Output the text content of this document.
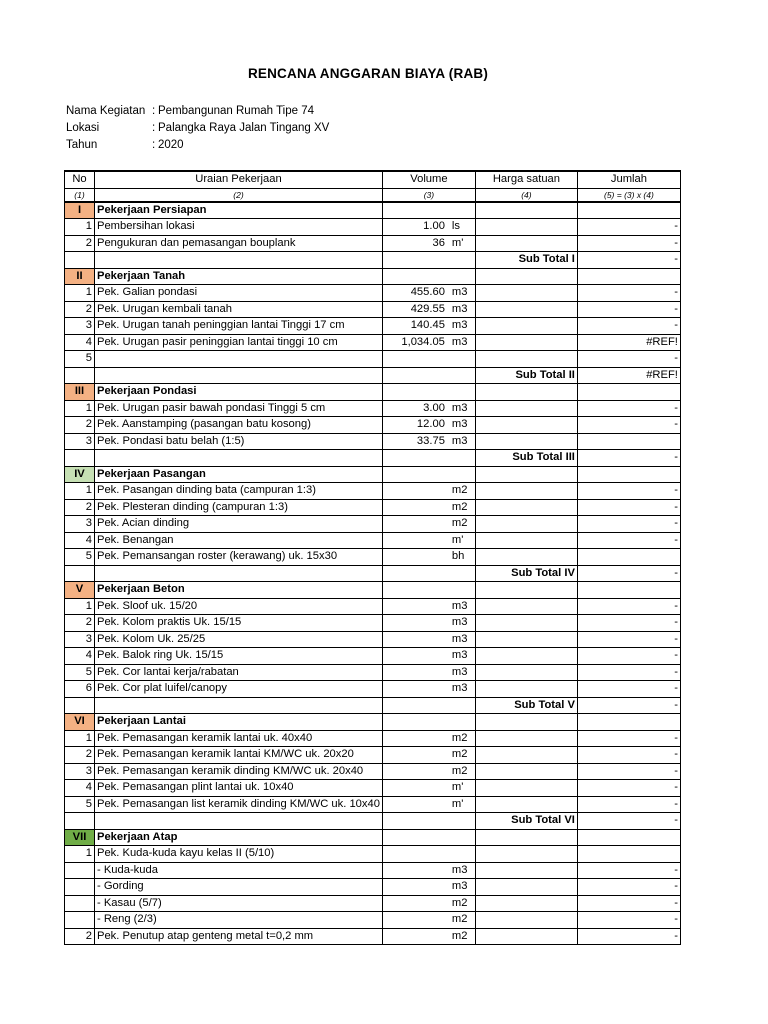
RENCANA ANGGARAN BIAYA (RAB)
Nama Kegiatan : Pembangunan Rumah Tipe 74
Lokasi	: Palangka Raya Jalan Tingang XV
Tahun	: 2020
No	Uraian Pekerjaan	Volume	Harga satuan	Jumlah
(1)	(2)	(3)	(4)	(5) = (3) x (4)
I	Pekerjaan Persiapan			
1	Pembersihan lokasi	1.00 ls		-
2	Pengukuran dan pemasangan bouplank	36 m'		-
			Sub Total I	-
II	Pekerjaan Tanah			
1	Pek. Galian pondasi	455.60 m3		-
2	Pek. Urugan kembali tanah	429.55 m3		-
3	Pek. Urugan tanah peninggian lantai Tinggi 17 cm	140.45 m3		-
4	Pek. Urugan pasir peninggian lantai tinggi 10 cm	1,034.05 m3		#REF!
5				-
			Sub Total II	#REF!
III	Pekerjaan Pondasi			
1	Pek. Urugan pasir bawah pondasi Tinggi 5 cm	3.00 m3		-
2	Pek. Aanstamping (pasangan batu kosong)	12.00 m3		-
3	Pek. Pondasi batu belah (1:5)	33.75 m3		

			Sub Total III	-
IV	Pekerjaan Pasangan			
1	Pek. Pasangan dinding bata (campuran 1:3)	m2		-
2	Pek. Plesteran dinding (campuran 1:3)	m2		-
3	Pek. Acian dinding	m2		-
4	Pek. Benangan	m'		-
5	Pek. Pemansangan roster (kerawang) uk. 15x30	bh		

			Sub Total IV	-
V	Pekerjaan Beton			
1	Pek. Sloof uk. 15/20	m3		-
2	Pek. Kolom praktis Uk. 15/15	m3		-
3	Pek. Kolom Uk. 25/25	m3		-
4	Pek. Balok ring Uk. 15/15	m3		-
5	Pek. Cor lantai kerja/rabatan	m3		-
6	Pek. Cor plat luifel/canopy	m3		-
			Sub Total V	-
VI	Pekerjaan Lantai			
1	Pek. Pemasangan keramik lantai uk. 40x40	m2		-
2	Pek. Pemasangan keramik lantai KM/WC uk. 20x20	m2		-
3	Pek. Pemasangan keramik dinding KM/WC uk. 20x40	m2		-
4	Pek. Pemasangan plint lantai uk. 10x40	m'		-
5	Pek. Pemasangan list keramik dinding KM/WC uk. 10x40	m'		-
			Sub Total VI	-
VII	Pekerjaan Atap			
1	Pek. Kuda-kuda kayu kelas II (5/10)	

	- Kuda-kuda	m3		-
	- Gording	m3		-
	- Kasau (5/7)	m2		-
	- Reng (2/3)	m2		-
2	Pek. Penutup atap genteng metal t=0,2 mm	m2		-
